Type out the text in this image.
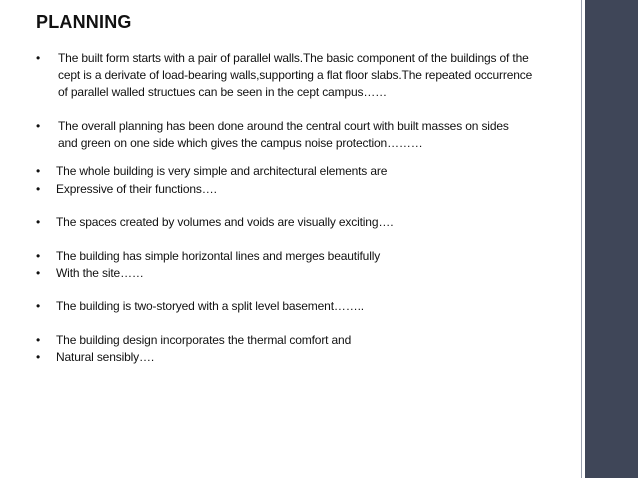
PLANNING
•	The built form starts with a pair of parallel walls.The basic component of the buildings of the
cept is a derivate of load-bearing walls,supporting a flat floor slabs.The repeated occurrence
of parallel walled structues can be seen in the cept campus……
•	The overall planning has been done around the central court with built masses on sides
and green on one side which gives the campus noise protection………
•	The whole building is very simple and architectural elements are
•	Expressive of their functions….
•	The spaces created by volumes and voids are visually exciting….
•	The building has simple horizontal lines and merges beautifully
•	With the site……
•	The building is two-storyed with a split level basement……..
•	The building design incorporates the thermal comfort and
•	Natural sensibly….
